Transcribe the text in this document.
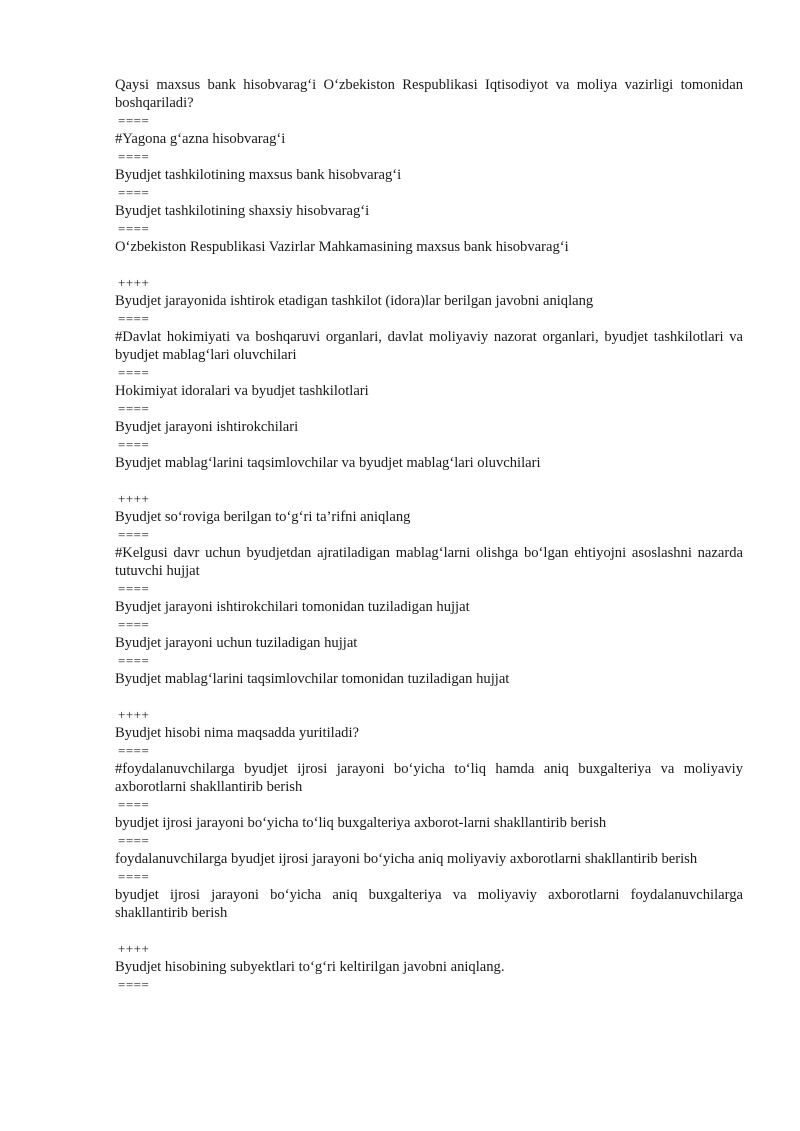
Qaysi maxsus bank hisobvarag‘i O‘zbekiston Respublikasi Iqtisodiyot va moliya vazirligi tomonidan boshqariladi?
====
#Yagona g‘azna hisobvarag‘i
====
Byudjet tashkilotining maxsus bank hisobvarag‘i
====
Byudjet tashkilotining shaxsiy hisobvarag‘i
====
O‘zbekiston Respublikasi Vazirlar Mahkamasining maxsus bank hisobvarag‘i
++++
Byudjet jarayonida ishtirok etadigan tashkilot (idora)lar berilgan javobni aniqlang
====
#Davlat hokimiyati va boshqaruvi organlari, davlat moliyaviy nazorat organlari, byudjet tashkilotlari va byudjet mablag‘lari oluvchilari
====
Hokimiyat idoralari va byudjet tashkilotlari
====
Byudjet jarayoni ishtirokchilari
====
Byudjet mablag‘larini taqsimlovchilar va byudjet mablag‘lari oluvchilari
++++
Byudjet so‘roviga berilgan to‘g‘ri ta’rifni aniqlang
====
#Kelgusi davr uchun byudjetdan ajratiladigan mablag‘larni olishga bo‘lgan ehtiyojni asoslashni nazarda tutuvchi hujjat
====
Byudjet jarayoni ishtirokchilari tomonidan tuziladigan hujjat
====
Byudjet jarayoni uchun tuziladigan hujjat
====
Byudjet mablag‘larini taqsimlovchilar tomonidan tuziladigan hujjat
++++
Byudjet hisobi nima maqsadda yuritiladi?
====
#foydalanuvchilarga byudjet ijrosi jarayoni bo‘yicha to‘liq hamda aniq buxgalteriya va moliyaviy axborotlarni shakllantirib berish
====
byudjet ijrosi jarayoni bo‘yicha to‘liq buxgalteriya axborot-larni shakllantirib berish
====
foydalanuvchilarga byudjet ijrosi jarayoni bo‘yicha aniq moliyaviy axborotlarni shakllantirib berish
====
byudjet ijrosi jarayoni bo‘yicha aniq buxgalteriya va moliyaviy axborotlarni foydalanuvchilarga shakllantirib berish
++++
Byudjet hisobining subyektlari to‘g‘ri keltirilgan javobni aniqlang.
====
